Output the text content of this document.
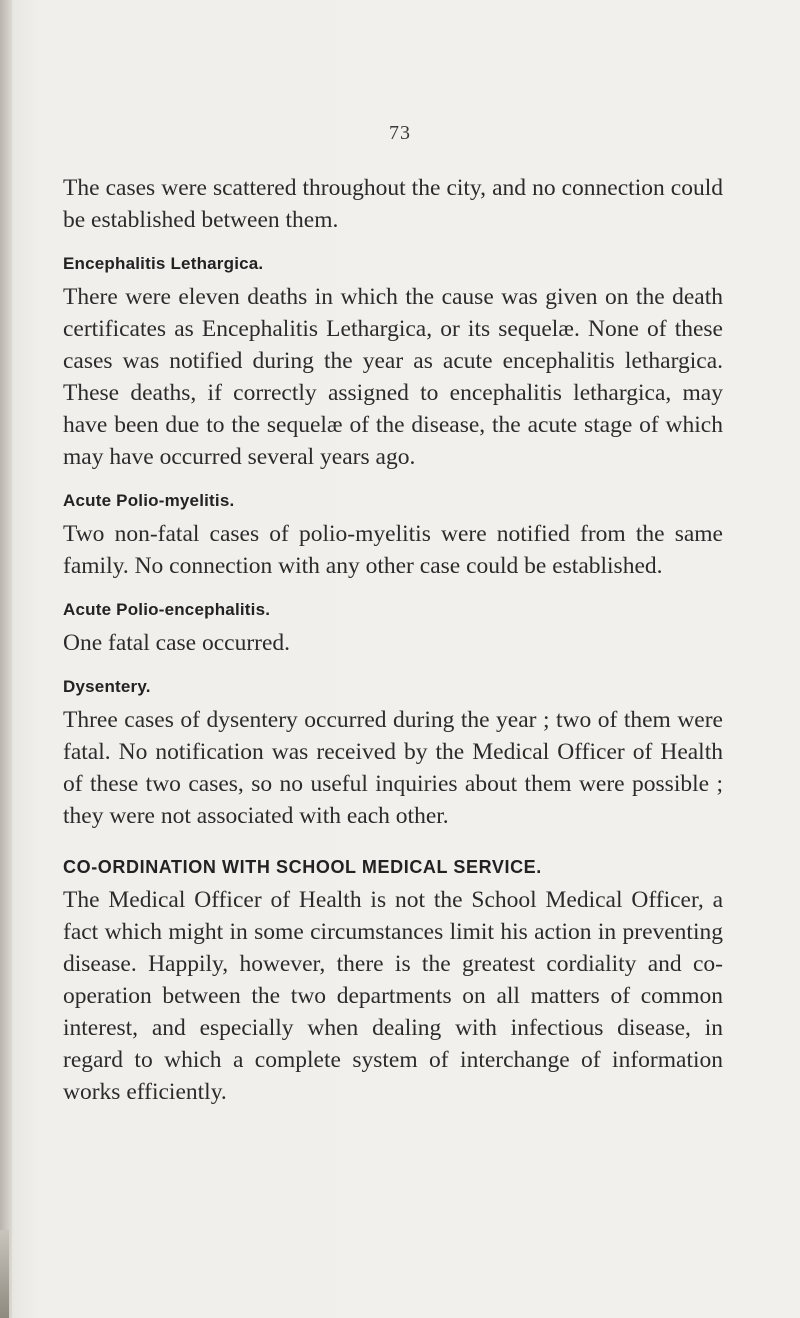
73

The cases were scattered throughout the city, and no connection could be established between them.

Encephalitis Lethargica.

There were eleven deaths in which the cause was given on the death certificates as Encephalitis Lethargica, or its sequelæ. None of these cases was notified during the year as acute encephalitis lethargica. These deaths, if correctly assigned to encephalitis lethargica, may have been due to the sequelæ of the disease, the acute stage of which may have occurred several years ago.

Acute Polio-myelitis.

Two non-fatal cases of polio-myelitis were notified from the same family. No connection with any other case could be established.

Acute Polio-encephalitis.

One fatal case occurred.

Dysentery.

Three cases of dysentery occurred during the year ; two of them were fatal. No notification was received by the Medical Officer of Health of these two cases, so no useful inquiries about them were possible ; they were not associated with each other.

CO-ORDINATION WITH SCHOOL MEDICAL SERVICE.

The Medical Officer of Health is not the School Medical Officer, a fact which might in some circumstances limit his action in preventing disease. Happily, however, there is the greatest cordiality and co-operation between the two departments on all matters of common interest, and especially when dealing with infectious disease, in regard to which a complete system of interchange of information works efficiently.
